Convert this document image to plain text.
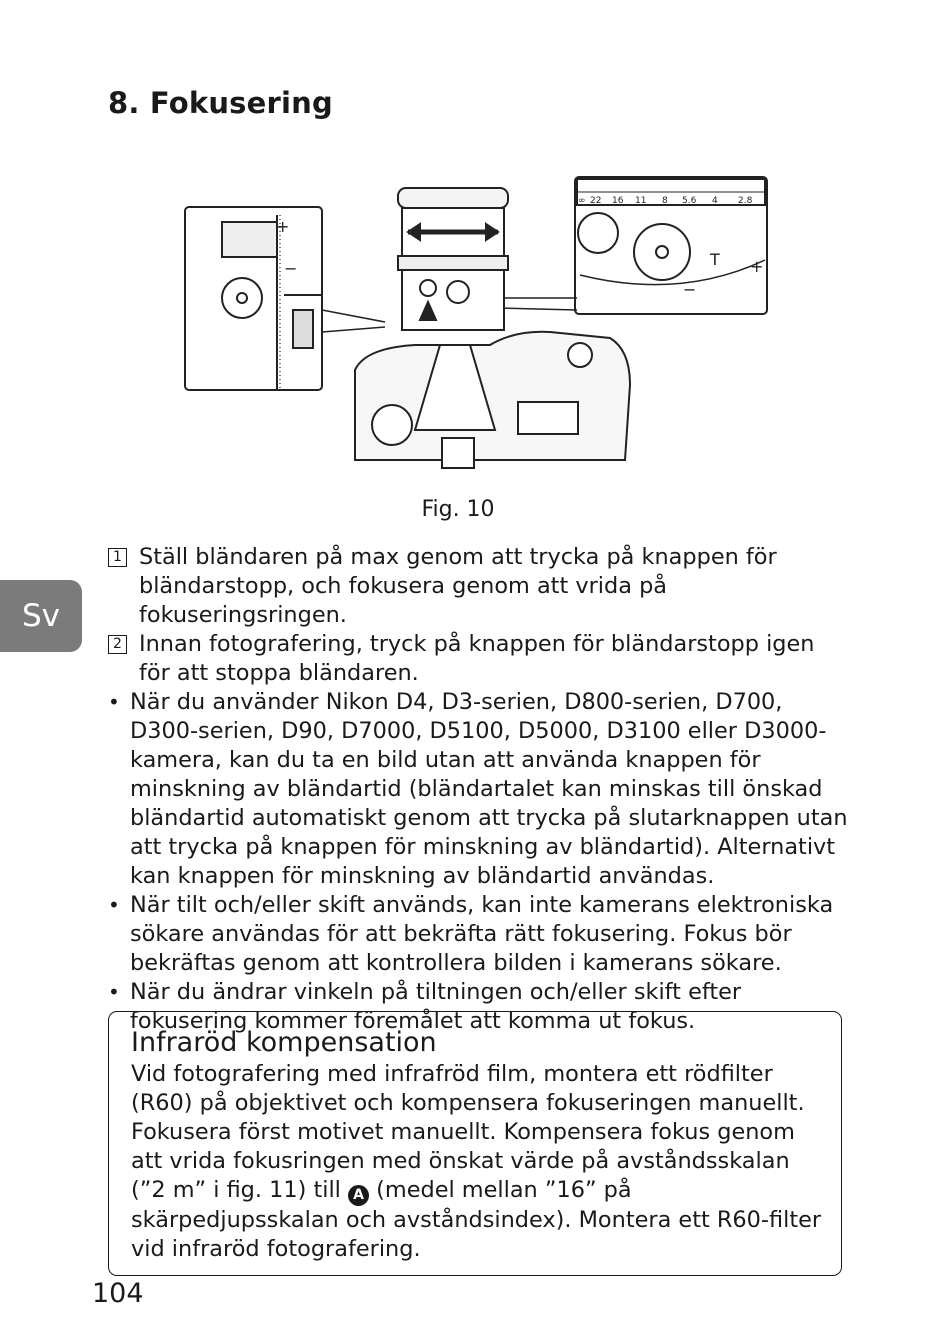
8. Fokusering
∞ 22 16 11 8 5.6 4 2.8
T +
−
+
−
Fig. 10
Sv
1 Ställ bländaren på max genom att trycka på knappen för bländarstopp, och fokusera genom att vrida på fokuseringsringen.
2 Innan fotografering, tryck på knappen för bländarstopp igen för att stoppa bländaren.
• När du använder Nikon D4, D3-serien, D800-serien, D700, D300-serien, D90, D7000, D5100, D5000, D3100 eller D3000-kamera, kan du ta en bild utan att använda knappen för minskning av bländartid (bländartalet kan minskas till önskad bländartid automatiskt genom att trycka på slutarknappen utan att trycka på knappen för minskning av bländartid). Alternativt kan knappen för minskning av bländartid användas.
• När tilt och/eller skift används, kan inte kamerans elektroniska sökare användas för att bekräfta rätt fokusering. Fokus bör bekräftas genom att kontrollera bilden i kamerans sökare.
• När du ändrar vinkeln på tiltningen och/eller skift efter fokusering kommer föremålet att komma ut fokus.
Infraröd kompensation
Vid fotografering med infrafröd film, montera ett rödfilter (R60) på objektivet och kompensera fokuseringen manuellt. Fokusera först motivet manuellt. Kompensera fokus genom att vrida fokusringen med önskat värde på avståndsskalan (”2 m” i fig. 11) till A (medel mellan ”16” på skärpedjupsskalan och avståndsindex). Montera ett R60-filter vid infraröd fotografering.
104
